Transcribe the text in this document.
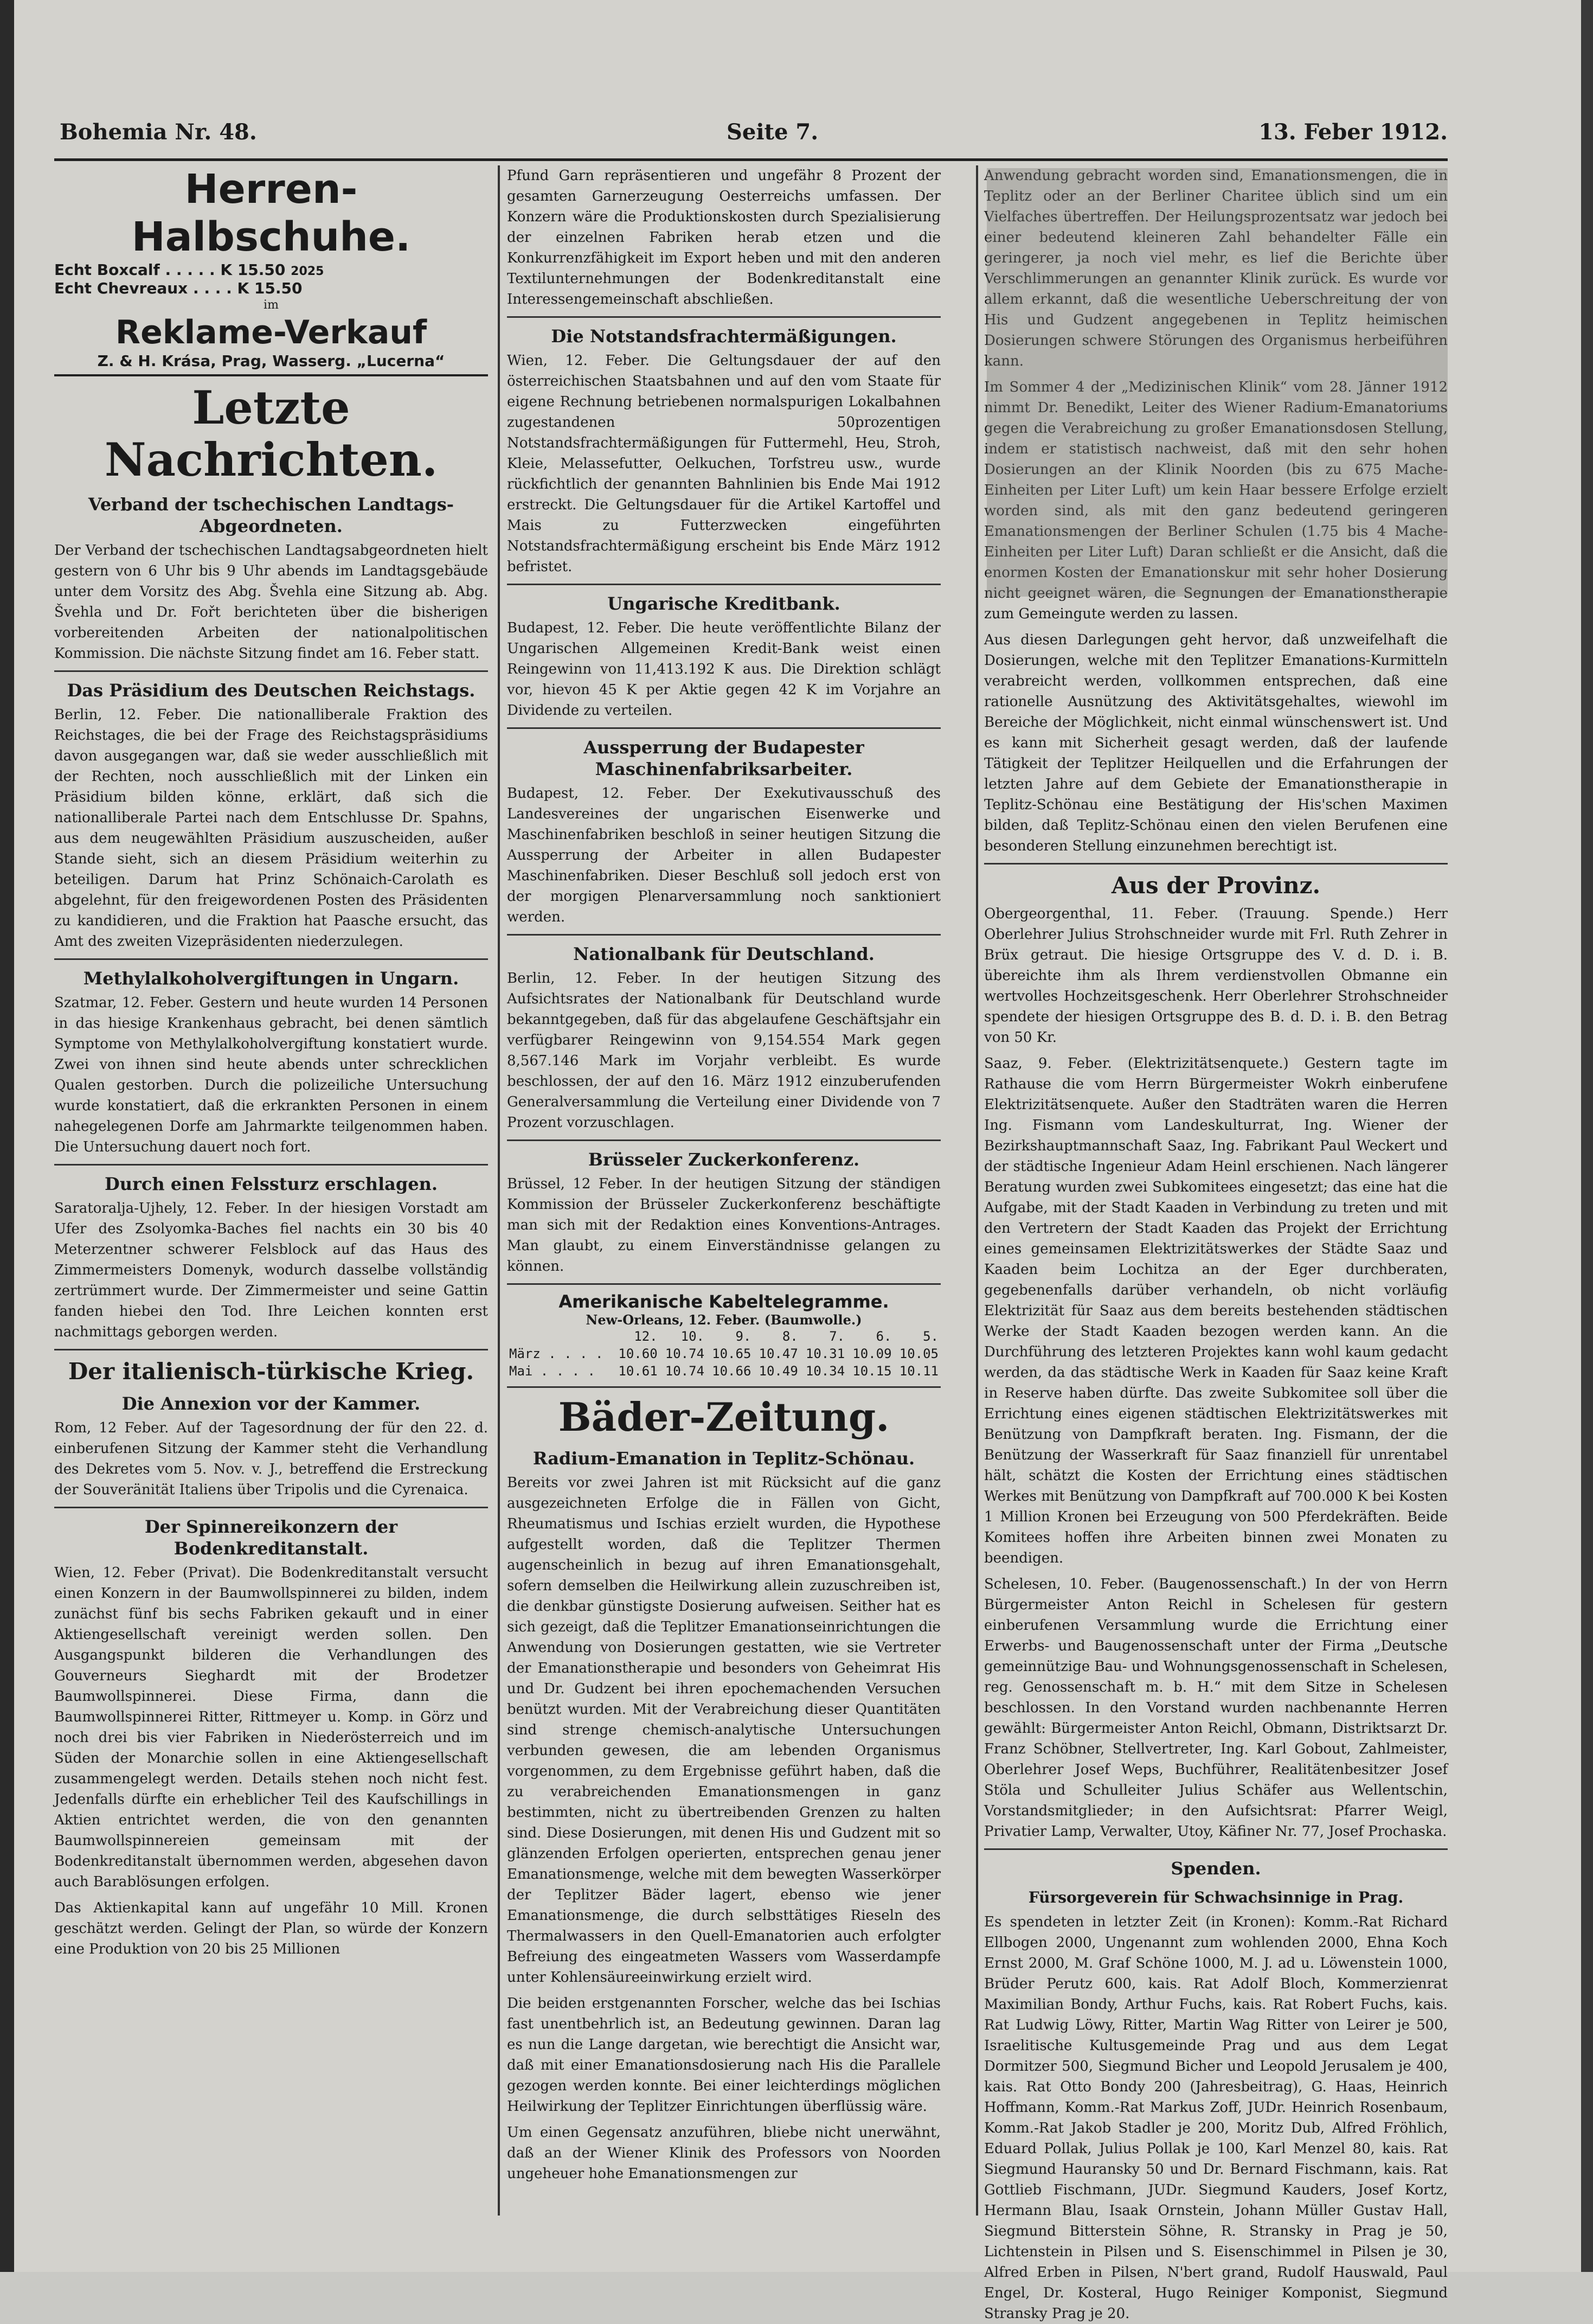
Bohemia Nr. 48.	Seite 7.	13. Feber 1912.
Herren-Halbschuhe.
Echt Boxcalf . . . . . K 15.50 2025
Echt Chevreaux . . . . K 15.50
im
Reklame-Verkauf
Z. & H. Krása, Prag, Wasserg. „Lucerna“
Letzte Nachrichten.
Verband der tschechischen Landtags-Abgeordneten.

Der Verband der tschechischen Landtagsabgeordneten hielt gestern von 6 Uhr bis 9 Uhr abends im Landtagsgebäude unter dem Vorsitz des Abg. Švehla eine Sitzung ab. Abg. Švehla und Dr. Fořt berichteten über die bisherigen vorbereitenden Arbeiten der nationalpolitischen Kommission. Die nächste Sitzung findet am 16. Feber statt.

Das Präsidium des Deutschen Reichstags.

Berlin, 12. Feber. Die nationalliberale Fraktion des Reichstages, die bei der Frage des Reichstagspräsidiums davon ausgegangen war, daß sie weder ausschließlich mit der Rechten, noch ausschließlich mit der Linken ein Präsidium bilden könne, erklärt, daß sich die nationalliberale Partei nach dem Entschlusse Dr. Spahns, aus dem neugewählten Präsidium auszuscheiden, außer Stande sieht, sich an diesem Präsidium weiterhin zu beteiligen. Darum hat Prinz Schönaich-Carolath es abgelehnt, für den freigewordenen Posten des Präsidenten zu kandidieren, und die Fraktion hat Paasche ersucht, das Amt des zweiten Vizepräsidenten niederzulegen.

Methylalkoholvergiftungen in Ungarn.

Szatmar, 12. Feber. Gestern und heute wurden 14 Personen in das hiesige Krankenhaus gebracht, bei denen sämtlich Symptome von Methylalkoholvergiftung konstatiert wurde. Zwei von ihnen sind heute abends unter schrecklichen Qualen gestorben. Durch die polizeiliche Untersuchung wurde konstatiert, daß die erkrankten Personen in einem nahegelegenen Dorfe am Jahrmarkte teilgenommen haben. Die Untersuchung dauert noch fort.

Durch einen Felssturz erschlagen.

Saratoralja-Ujhely, 12. Feber. In der hiesigen Vorstadt am Ufer des Zsolyomka-Baches fiel nachts ein 30 bis 40 Meterzentner schwerer Felsblock auf das Haus des Zimmermeisters Domenyk, wodurch dasselbe vollständig zertrümmert wurde. Der Zimmermeister und seine Gattin fanden hiebei den Tod. Ihre Leichen konnten erst nachmittags geborgen werden.

Der italienisch-türkische Krieg.
Die Annexion vor der Kammer.

Rom, 12 Feber. Auf der Tagesordnung der für den 22. d. einberufenen Sitzung der Kammer steht die Verhandlung des Dekretes vom 5. Nov. v. J., betreffend die Erstreckung der Souveränität Italiens über Tripolis und die Cyrenaica.

Der Spinnereikonzern der Bodenkreditanstalt.

Wien, 12. Feber (Privat). Die Bodenkreditanstalt versucht einen Konzern in der Baumwollspinnerei zu bilden, indem zunächst fünf bis sechs Fabriken gekauft und in einer Aktiengesellschaft vereinigt werden sollen. Den Ausgangspunkt bilderen die Verhandlungen des Gouverneurs Sieghardt mit der Brodetzer Baumwollspinnerei. Diese Firma, dann die Baumwollspinnerei Ritter, Rittmeyer u. Komp. in Görz und noch drei bis vier Fabriken in Niederösterreich und im Süden der Monarchie sollen in eine Aktiengesellschaft zusammengelegt werden. Details stehen noch nicht fest. Jedenfalls dürfte ein erheblicher Teil des Kaufschillings in Aktien entrichtet werden, die von den genannten Baumwollspinnereien gemeinsam mit der Bodenkreditanstalt übernommen werden, abgesehen davon auch Barablösungen erfolgen.

Das Aktienkapital kann auf ungefähr 10 Mill. Kronen geschätzt werden. Gelingt der Plan, so würde der Konzern eine Produktion von 20 bis 25 Millionen

Pfund Garn repräsentieren und ungefähr 8 Prozent der gesamten Garnerzeugung Oesterreichs umfassen. Der Konzern wäre die Produktionskosten durch Spezialisierung der einzelnen Fabriken herab etzen und die Konkurrenzfähigkeit im Export heben und mit den anderen Textilunternehmungen der Bodenkreditanstalt eine Interessengemeinschaft abschließen.

Die Notstandsfrachtermäßigungen.

Wien, 12. Feber. Die Geltungsdauer der auf den österreichischen Staatsbahnen und auf den vom Staate für eigene Rechnung betriebenen normalspurigen Lokalbahnen zugestandenen 50prozentigen Notstandsfrachtermäßigungen für Futtermehl, Heu, Stroh, Kleie, Melassefutter, Oelkuchen, Torfstreu usw., wurde rückfichtlich der genannten Bahnlinien bis Ende Mai 1912 erstreckt. Die Geltungsdauer für die Artikel Kartoffel und Mais zu Futterzwecken eingeführten Notstandsfrachtermäßigung erscheint bis Ende März 1912 befristet.

Ungarische Kreditbank.

Budapest, 12. Feber. Die heute veröffentlichte Bilanz der Ungarischen Allgemeinen Kredit-Bank weist einen Reingewinn von 11,413.192 K aus. Die Direktion schlägt vor, hievon 45 K per Aktie gegen 42 K im Vorjahre an Dividende zu verteilen.

Aussperrung der Budapester Maschinenfabriksarbeiter.

Budapest, 12. Feber. Der Exekutivausschuß des Landesvereines der ungarischen Eisenwerke und Maschinenfabriken beschloß in seiner heutigen Sitzung die Aussperrung der Arbeiter in allen Budapester Maschinenfabriken. Dieser Beschluß soll jedoch erst von der morgigen Plenarversammlung noch sanktioniert werden.

Nationalbank für Deutschland.

Berlin, 12. Feber. In der heutigen Sitzung des Aufsichtsrates der Nationalbank für Deutschland wurde bekanntgegeben, daß für das abgelaufene Geschäftsjahr ein verfügbarer Reingewinn von 9,154.554 Mark gegen 8,567.146 Mark im Vorjahr verbleibt. Es wurde beschlossen, der auf den 16. März 1912 einzuberufenden Generalversammlung die Verteilung einer Dividende von 7 Prozent vorzuschlagen.

Brüsseler Zuckerkonferenz.

Brüssel, 12 Feber. In der heutigen Sitzung der ständigen Kommission der Brüsseler Zuckerkonferenz beschäftigte man sich mit der Redaktion eines Konventions-Antrages. Man glaubt, zu einem Einverständnisse gelangen zu können.

Amerikanische Kabeltelegramme.
New-Orleans, 12. Feber. (Baumwolle.)
	12.	10.	9.	8.	7.	6.	5.
März . . . .	10.60	10.74	10.65	10.47	10.31	10.09	10.05
Mai . . . .	10.61	10.74	10.66	10.49	10.34	10.15	10.11
Bäder-Zeitung.
Radium-Emanation in Teplitz-Schönau.

Bereits vor zwei Jahren ist mit Rücksicht auf die ganz ausgezeichneten Erfolge die in Fällen von Gicht, Rheumatismus und Ischias erzielt wurden, die Hypothese aufgestellt worden, daß die Teplitzer Thermen augenscheinlich in bezug auf ihren Emanationsgehalt, sofern demselben die Heilwirkung allein zuzuschreiben ist, die denkbar günstigste Dosierung aufweisen. Seither hat es sich gezeigt, daß die Teplitzer Emanationseinrichtungen die Anwendung von Dosierungen gestatten, wie sie Vertreter der Emanationstherapie und besonders von Geheimrat His und Dr. Gudzent bei ihren epochemachenden Versuchen benützt wurden. Mit der Verabreichung dieser Quantitäten sind strenge chemisch-analytische Untersuchungen verbunden gewesen, die am lebenden Organismus vorgenommen, zu dem Ergebnisse geführt haben, daß die zu verabreichenden Emanationsmengen in ganz bestimmten, nicht zu übertreibenden Grenzen zu halten sind. Diese Dosierungen, mit denen His und Gudzent mit so glänzenden Erfolgen operierten, entsprechen genau jener Emanationsmenge, welche mit dem bewegten Wasserkörper der Teplitzer Bäder lagert, ebenso wie jener Emanationsmenge, die durch selbsttätiges Rieseln des Thermalwassers in den Quell-Emanatorien auch erfolgter Befreiung des eingeatmeten Wassers vom Wasserdampfe unter Kohlensäureeinwirkung erzielt wird.

Die beiden erstgenannten Forscher, welche das bei Ischias fast unentbehrlich ist, an Bedeutung gewinnen. Daran lag es nun die Lange dargetan, wie berechtigt die Ansicht war, daß mit einer Emanationsdosierung nach His die Parallele gezogen werden konnte. Bei einer leichterdings möglichen Heilwirkung der Teplitzer Einrichtungen überflüssig wäre.

Um einen Gegensatz anzuführen, bliebe nicht unerwähnt, daß an der Wiener Klinik des Professors von Noorden ungeheuer hohe Emanationsmengen zur

Anwendung gebracht worden sind, Emanationsmengen, die in Teplitz oder an der Berliner Charitee üblich sind um ein Vielfaches übertreffen. Der Heilungsprozentsatz war jedoch bei einer bedeutend kleineren Zahl behandelter Fälle ein geringerer, ja noch viel mehr, es lief die Berichte über Verschlimmerungen an genannter Klinik zurück. Es wurde vor allem erkannt, daß die wesentliche Ueberschreitung der von His und Gudzent angegebenen in Teplitz heimischen Dosierungen schwere Störungen des Organismus herbeiführen kann.

Im Sommer 4 der „Medizinischen Klinik“ vom 28. Jänner 1912 nimmt Dr. Benedikt, Leiter des Wiener Radium-Emanatoriums gegen die Verabreichung zu großer Emanationsdosen Stellung, indem er statistisch nachweist, daß mit den sehr hohen Dosierungen an der Klinik Noorden (bis zu 675 Mache-Einheiten per Liter Luft) um kein Haar bessere Erfolge erzielt worden sind, als mit den ganz bedeutend geringeren Emanationsmengen der Berliner Schulen (1.75 bis 4 Mache-Einheiten per Liter Luft) Daran schließt er die Ansicht, daß die enormen Kosten der Emanationskur mit sehr hoher Dosierung nicht geeignet wären, die Segnungen der Emanationstherapie zum Gemeingute werden zu lassen.

Aus diesen Darlegungen geht hervor, daß unzweifelhaft die Dosierungen, welche mit den Teplitzer Emanations-Kurmitteln verabreicht werden, vollkommen entsprechen, daß eine rationelle Ausnützung des Aktivitätsgehaltes, wiewohl im Bereiche der Möglichkeit, nicht einmal wünschenswert ist. Und es kann mit Sicherheit gesagt werden, daß der laufende Tätigkeit der Teplitzer Heilquellen und die Erfahrungen der letzten Jahre auf dem Gebiete der Emanationstherapie in Teplitz-Schönau eine Bestätigung der His'schen Maximen bilden, daß Teplitz-Schönau einen den vielen Berufenen eine besonderen Stellung einzunehmen berechtigt ist.

Aus der Provinz.

Obergeorgenthal, 11. Feber. (Trauung. Spende.) Herr Oberlehrer Julius Strohschneider wurde mit Frl. Ruth Zehrer in Brüx getraut. Die hiesige Ortsgruppe des V. d. D. i. B. übereichte ihm als Ihrem verdienstvollen Obmanne ein wertvolles Hochzeitsgeschenk. Herr Oberlehrer Strohschneider spendete der hiesigen Ortsgruppe des B. d. D. i. B. den Betrag von 50 Kr.

Saaz, 9. Feber. (Elektrizitätsenquete.) Gestern tagte im Rathause die vom Herrn Bürgermeister Wokrh einberufene Elektrizitätsenquete. Außer den Stadträten waren die Herren Ing. Fismann vom Landeskulturrat, Ing. Wiener der Bezirkshauptmannschaft Saaz, Ing. Fabrikant Paul Weckert und der städtische Ingenieur Adam Heinl erschienen. Nach längerer Beratung wurden zwei Subkomitees eingesetzt; das eine hat die Aufgabe, mit der Stadt Kaaden in Verbindung zu treten und mit den Vertretern der Stadt Kaaden das Projekt der Errichtung eines gemeinsamen Elektrizitätswerkes der Städte Saaz und Kaaden beim Lochitza an der Eger durchberaten, gegebenenfalls darüber verhandeln, ob nicht vorläufig Elektrizität für Saaz aus dem bereits bestehenden städtischen Werke der Stadt Kaaden bezogen werden kann. An die Durchführung des letzteren Projektes kann wohl kaum gedacht werden, da das städtische Werk in Kaaden für Saaz keine Kraft in Reserve haben dürfte. Das zweite Subkomitee soll über die Errichtung eines eigenen städtischen Elektrizitätswerkes mit Benützung von Dampfkraft beraten. Ing. Fismann, der die Benützung der Wasserkraft für Saaz finanziell für unrentabel hält, schätzt die Kosten der Errichtung eines städtischen Werkes mit Benützung von Dampfkraft auf 700.000 K bei Kosten 1 Million Kronen bei Erzeugung von 500 Pferdekräften. Beide Komitees hoffen ihre Arbeiten binnen zwei Monaten zu beendigen.

Schelesen, 10. Feber. (Baugenossenschaft.) In der von Herrn Bürgermeister Anton Reichl in Schelesen für gestern einberufenen Versammlung wurde die Errichtung einer Erwerbs- und Baugenossenschaft unter der Firma „Deutsche gemeinnützige Bau- und Wohnungsgenossenschaft in Schelesen, reg. Genossenschaft m. b. H.“ mit dem Sitze in Schelesen beschlossen. In den Vorstand wurden nachbenannte Herren gewählt: Bürgermeister Anton Reichl, Obmann, Distriktsarzt Dr. Franz Schöbner, Stellvertreter, Ing. Karl Gobout, Zahlmeister, Oberlehrer Josef Weps, Buchführer, Realitätenbesitzer Josef Stöla und Schulleiter Julius Schäfer aus Wellentschin, Vorstandsmitglieder; in den Aufsichtsrat: Pfarrer Weigl, Privatier Lamp, Verwalter, Utoy, Käfiner Nr. 77, Josef Prochaska.

Spenden.
Fürsorgeverein für Schwachsinnige in Prag.

Es spendeten in letzter Zeit (in Kronen): Komm.-Rat Richard Ellbogen 2000, Ungenannt zum wohlenden 2000, Ehna Koch Ernst 2000, M. Graf Schöne 1000, M. J. ad u. Löwenstein 1000, Brüder Perutz 600, kais. Rat Adolf Bloch, Kommerzienrat Maximilian Bondy, Arthur Fuchs, kais. Rat Robert Fuchs, kais. Rat Ludwig Löwy, Ritter, Martin Wag Ritter von Leirer je 500, Israelitische Kultusgemeinde Prag und aus dem Legat Dormitzer 500, Siegmund Bicher und Leopold Jerusalem je 400, kais. Rat Otto Bondy 200 (Jahresbeitrag), G. Haas, Heinrich Hoffmann, Komm.-Rat Markus Zoff, JUDr. Heinrich Rosenbaum, Komm.-Rat Jakob Stadler je 200, Moritz Dub, Alfred Fröhlich, Eduard Pollak, Julius Pollak je 100, Karl Menzel 80, kais. Rat Siegmund Hauransky 50 und Dr. Bernard Fischmann, kais. Rat Gottlieb Fischmann, JUDr. Siegmund Kauders, Josef Kortz, Hermann Blau, Isaak Ornstein, Johann Müller Gustav Hall, Siegmund Bitterstein Söhne, R. Stransky in Prag je 50, Lichtenstein in Pilsen und S. Eisenschimmel in Pilsen je 30, Alfred Erben in Pilsen, N'bert grand, Rudolf Hauswald, Paul Engel, Dr. Kosteral, Hugo Reiniger Komponist, Siegmund Stransky Prag je 20.
